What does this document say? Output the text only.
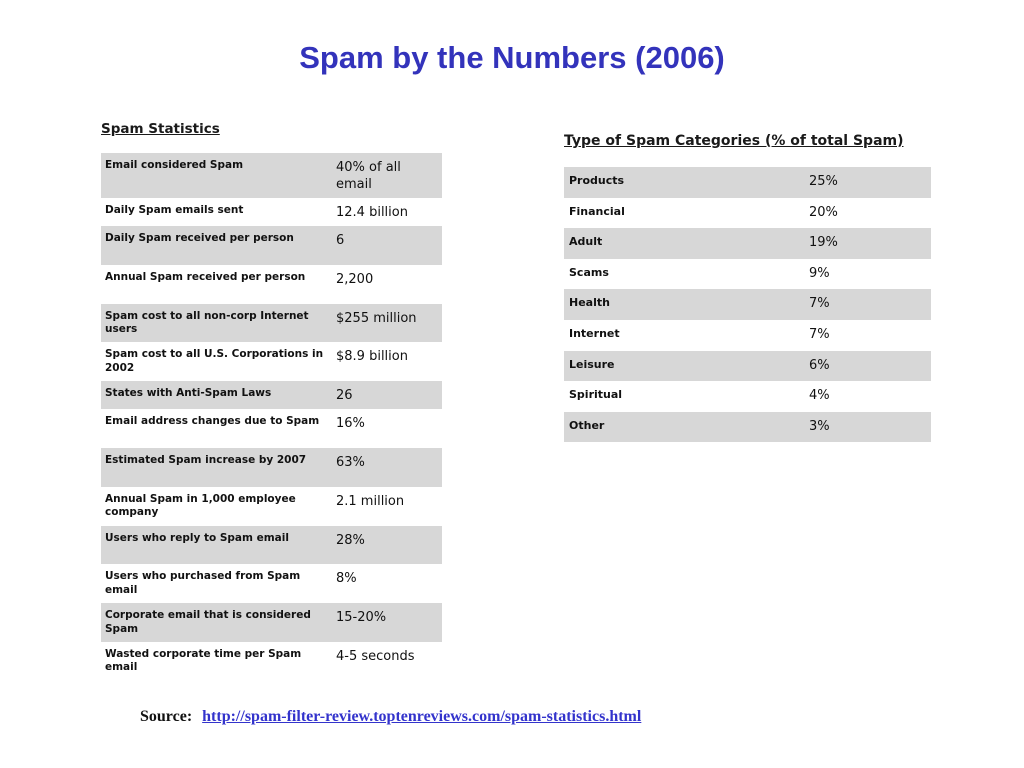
Spam by the Numbers (2006)
Spam Statistics
Email considered Spam	40% of all email
Daily Spam emails sent	12.4 billion
Daily Spam received per person	6
Annual Spam received per person	2,200
Spam cost to all non-corp Internet users	$255 million
Spam cost to all U.S. Corporations in 2002	$8.9 billion
States with Anti-Spam Laws	26
Email address changes due to Spam	16%
Estimated Spam increase by 2007	63%
Annual Spam in 1,000 employee company	2.1 million
Users who reply to Spam email	28%
Users who purchased from Spam email	8%
Corporate email that is considered Spam	15-20%
Wasted corporate time per Spam email	4-5 seconds
Type of Spam Categories (% of total Spam)
Products	25%
Financial	20%
Adult	19%
Scams	9%
Health	7%
Internet	7%
Leisure	6%
Spiritual	4%
Other	3%
Source: http://spam-filter-review.toptenreviews.com/spam-statistics.html
